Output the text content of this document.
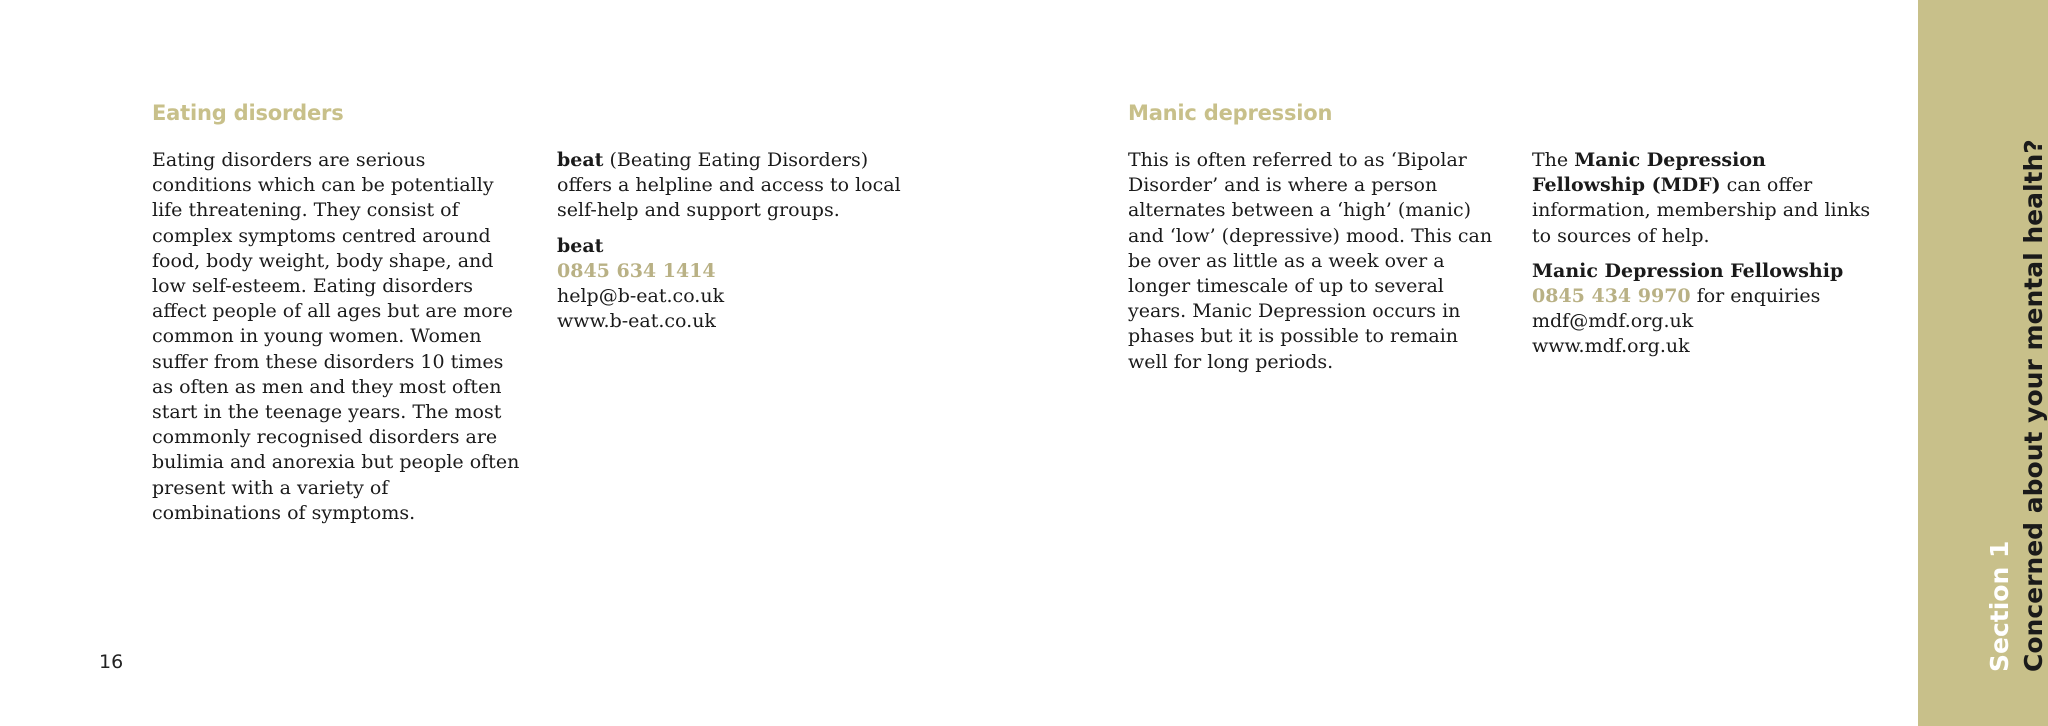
Eating disorders

Eating disorders are serious conditions which can be potentially life threatening. They consist of complex symptoms centred around food, body weight, body shape, and low self-esteem. Eating disorders affect people of all ages but are more common in young women. Women suffer from these disorders 10 times as often as men and they most often start in the teenage years. The most commonly recognised disorders are bulimia and anorexia but people often present with a variety of combinations of symptoms.

beat (Beating Eating Disorders) offers a helpline and access to local self-help and support groups.

beat
0845 634 1414
help@b-eat.co.uk
www.b-eat.co.uk
Manic depression

This is often referred to as ‘Bipolar Disorder’ and is where a person alternates between a ‘high’ (manic) and ‘low’ (depressive) mood. This can be over as little as a week over a longer timescale of up to several years. Manic Depression occurs in phases but it is possible to remain well for long periods.

The Manic Depression Fellowship (MDF) can offer information, membership and links to sources of help.

Manic Depression Fellowship
0845 434 9970 for enquiries
mdf@mdf.org.uk
www.mdf.org.uk
16	Section 1 Concerned about your mental health?
